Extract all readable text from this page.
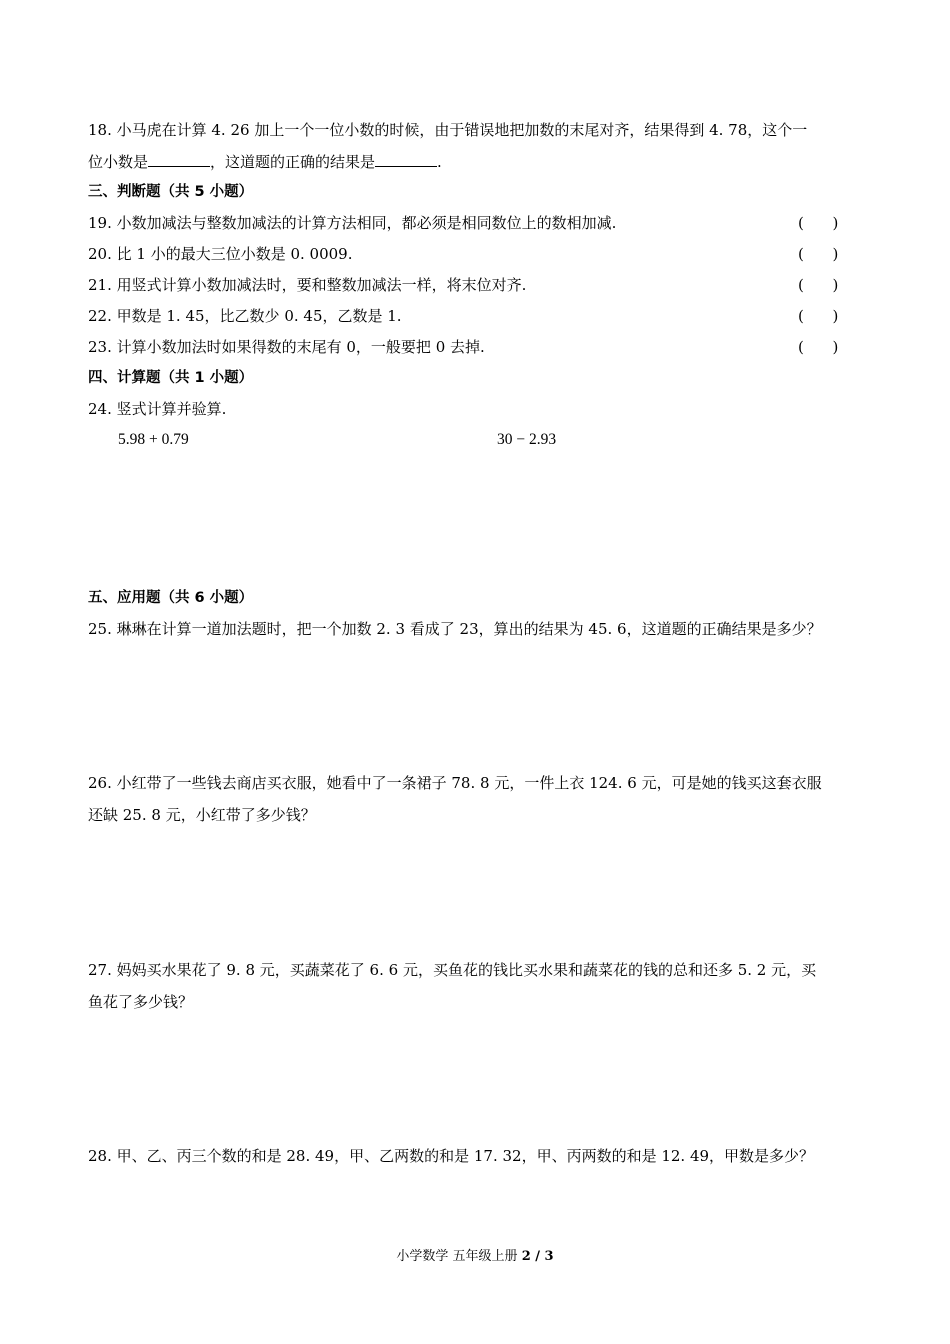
18. 小马虎在计算 4. 26 加上一个一位小数的时候，由于错误地把加数的末尾对齐，结果得到 4. 78，这个一
位小数是	，这道题的正确的结果是	.
三、判断题（共 5 小题）
19. 小数加减法与整数加减法的计算方法相同，都必须是相同数位上的数相加减.	(      )
20. 比 1 小的最大三位小数是 0. 0009.	(      )
21. 用竖式计算小数加减法时，要和整数加减法一样，将末位对齐.	(      )
22. 甲数是 1. 45，比乙数少 0. 45，乙数是 1.	(      )
23. 计算小数加法时如果得数的末尾有 0，一般要把 0 去掉.	(      )
四、计算题（共 1 小题）
24. 竖式计算并验算.
5.98 + 0.79	30 − 2.93
五、应用题（共 6 小题）
25. 琳琳在计算一道加法题时，把一个加数 2. 3 看成了 23，算出的结果为 45. 6，这道题的正确结果是多少？
26. 小红带了一些钱去商店买衣服，她看中了一条裙子 78. 8 元，一件上衣 124. 6 元，可是她的钱买这套衣服
还缺 25. 8 元，小红带了多少钱？
27. 妈妈买水果花了 9. 8 元，买蔬菜花了 6. 6 元，买鱼花的钱比买水果和蔬菜花的钱的总和还多 5. 2 元，买
鱼花了多少钱？
28. 甲、乙、丙三个数的和是 28. 49，甲、乙两数的和是 17. 32，甲、丙两数的和是 12. 49，甲数是多少？
小学数学 五年级上册 2 / 3
